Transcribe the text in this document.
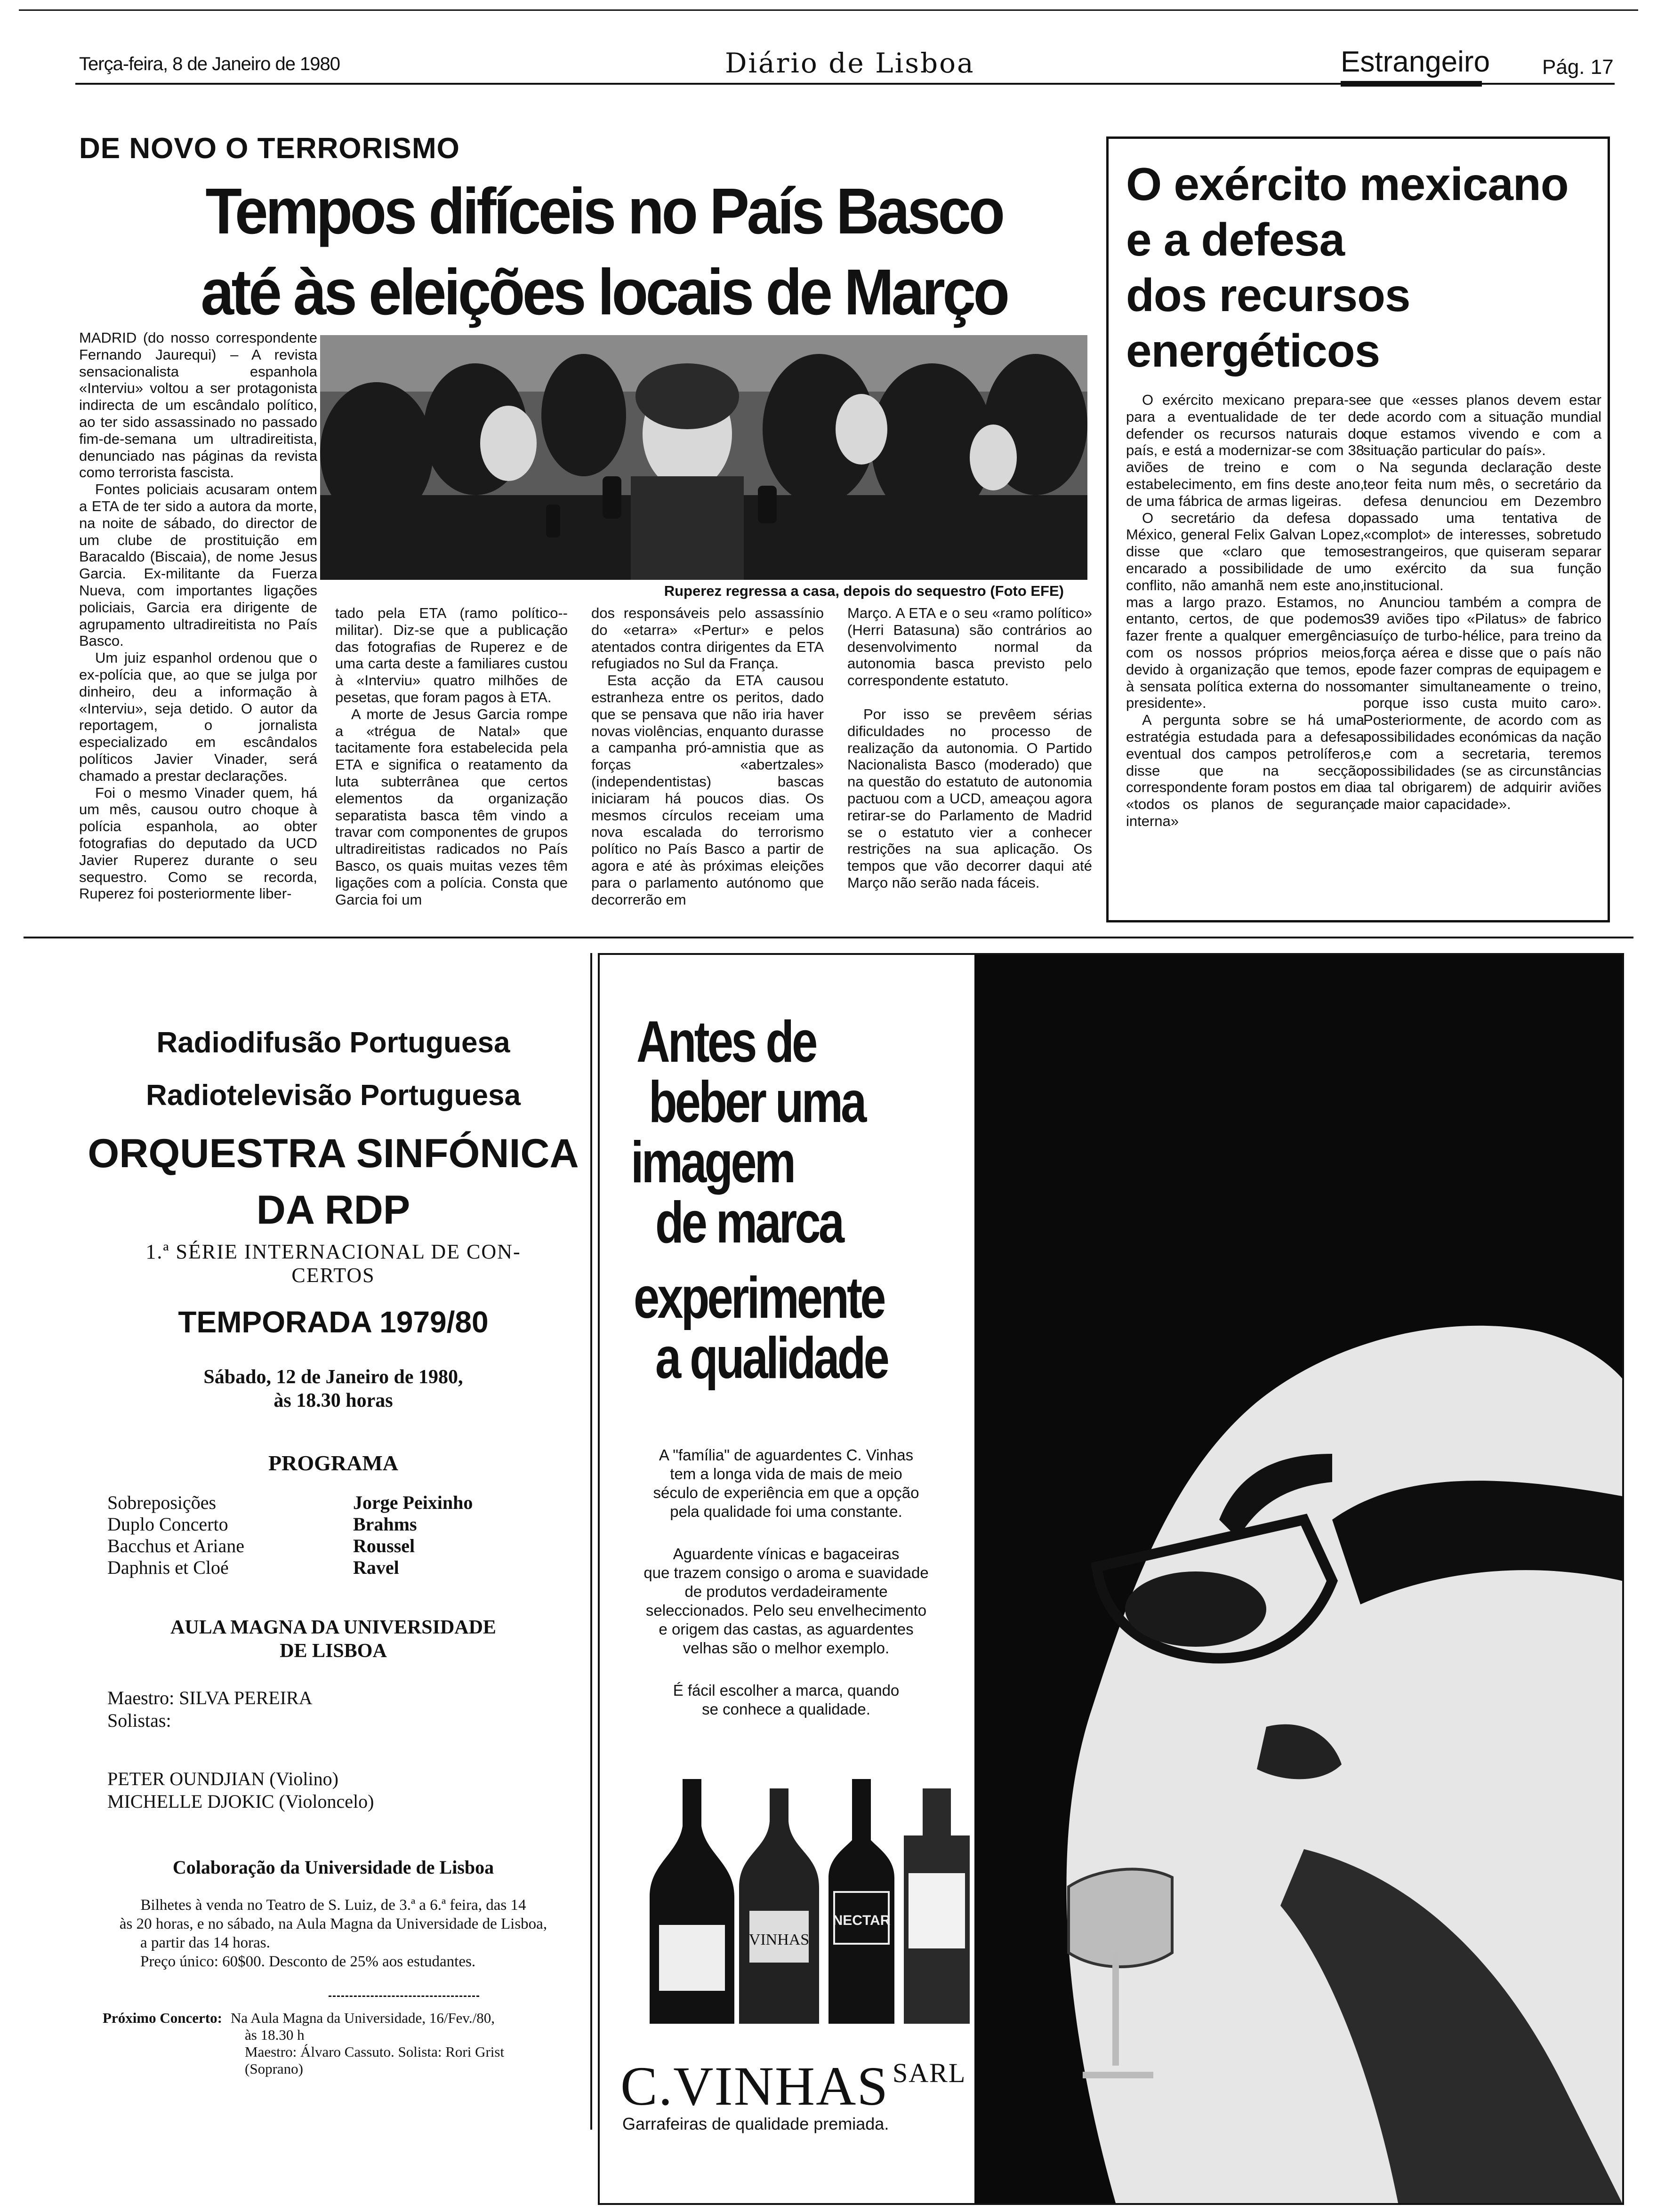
Terça-feira, 8 de Janeiro de 1980	Diário de Lisboa	Estrangeiro	Pág. 17
DE NOVO O TERRORISMO
Tempos difíceis no País Basco
até às eleições locais de Março

MADRID (do nosso correspondente Fernando Jaurequi) – A revista sensacionalista espanhola «Interviu» voltou a ser protagonista indirecta de um escândalo político, ao ter sido assassinado no passado fim-de-semana um ultradireitista, denunciado nas páginas da revista como terrorista fascista.

Fontes policiais acusaram ontem a ETA de ter sido a autora da morte, na noite de sábado, do director de um clube de prostituição em Baracaldo (Biscaia), de nome Jesus Garcia. Ex-militante da Fuerza Nueva, com importantes ligações policiais, Garcia era dirigente de agrupamento ultradireitista no País Basco.

Um juiz espanhol ordenou que o ex-polícia que, ao que se julga por dinheiro, deu a informação à «Interviu», seja detido. O autor da reportagem, o jornalista especializado em escândalos políticos Javier Vinader, será chamado a prestar declarações.

Foi o mesmo Vinader quem, há um mês, causou outro choque à polícia espanhola, ao obter fotografias do deputado da UCD Javier Ruperez durante o seu sequestro. Como se recorda, Ruperez foi posteriormente liber-

Ruperez regressa a casa, depois do sequestro (Foto EFE)

tado pela ETA (ramo político--militar). Diz-se que a publicação das fotografias de Ruperez e de uma carta deste a familiares custou à «Interviu» quatro milhões de pesetas, que foram pagos à ETA.

A morte de Jesus Garcia rompe a «trégua de Natal» que tacitamente fora estabelecida pela ETA e significa o reatamento da luta subterrânea que certos elementos da organização separatista basca têm vindo a travar com componentes de grupos ultradireitistas radicados no País Basco, os quais muitas vezes têm ligações com a polícia. Consta que Garcia foi um

dos responsáveis pelo assassínio do «etarra» «Pertur» e pelos atentados contra dirigentes da ETA refugiados no Sul da França.

Esta acção da ETA causou estranheza entre os peritos, dado que se pensava que não iria haver novas violências, enquanto durasse a campanha pró-amnistia que as forças «abertzales» (independentistas) bascas iniciaram há poucos dias. Os mesmos círculos receiam uma nova escalada do terrorismo político no País Basco a partir de agora e até às próximas eleições para o parlamento autónomo que decorrerão em

Março. A ETA e o seu «ramo político» (Herri Batasuna) são contrários ao desenvolvimento normal da autonomia basca previsto pelo correspondente estatuto.

Por isso se prevêem sérias dificuldades no processo de realização da autonomia. O Partido Nacionalista Basco (moderado) que na questão do estatuto de autonomia pactuou com a UCD, ameaçou agora retirar-se do Parlamento de Madrid se o estatuto vier a conhecer restrições na sua aplicação. Os tempos que vão decorrer daqui até Março não serão nada fáceis.

O exército mexicano
e a defesa
dos recursos
energéticos

O exército mexicano prepara-se para a eventualidade de ter de defender os recursos naturais do país, e está a modernizar-se com 38 aviões de treino e com o estabelecimento, em fins deste ano, de uma fábrica de armas ligeiras.

O secretário da defesa do México, general Felix Galvan Lopez, disse que «claro que temos encarado a possibilidade de um conflito, não amanhã nem este ano, mas a largo prazo. Estamos, no entanto, certos, de que podemos fazer frente a qualquer emergência com os nossos próprios meios, devido à organização que temos, e à sensata política externa do nosso presidente».

A pergunta sobre se há uma estratégia estudada para a defesa eventual dos campos petrolíferos, disse que na secção correspondente foram postos em dia «todos os planos de segurança interna»

e que «esses planos devem estar de acordo com a situação mundial que estamos vivendo e com a situação particular do país».

Na segunda declaração deste teor feita num mês, o secretário da defesa denunciou em Dezembro passado uma tentativa de «complot» de interesses, sobretudo estrangeiros, que quiseram separar o exército da sua função institucional.

Anunciou também a compra de 39 aviões tipo «Pilatus» de fabrico suíço de turbo-hélice, para treino da força aérea e disse que o país não pode fazer compras de equipagem e manter simultaneamente o treino, porque isso custa muito caro». Posteriormente, de acordo com as possibilidades económicas da nação e com a secretaria, teremos possibilidades (se as circunstâncias a tal obrigarem) de adquirir aviões de maior capacidade».

Radiodifusão Portuguesa
Radiotelevisão Portuguesa
ORQUESTRA SINFÓNICA
DA RDP
1.ª SÉRIE INTERNACIONAL DE CON-
CERTOS
TEMPORADA 1979/80
Sábado, 12 de Janeiro de 1980,
às 18.30 horas
PROGRAMA
Sobreposições	Jorge Peixinho
Duplo Concerto	Brahms
Bacchus et Ariane	Roussel
Daphnis et Cloé	Ravel
AULA MAGNA DA UNIVERSIDADE
DE LISBOA
Maestro: SILVA PEREIRA
Solistas:
PETER OUNDJIAN (Violino)
MICHELLE DJOKIC (Violoncelo)
Colaboração da Universidade de Lisboa
Bilhetes à venda no Teatro de S. Luiz, de 3.ª a 6.ª feira, das 14
às 20 horas, e no sábado, na Aula Magna da Universidade de Lisboa,
a partir das 14 horas.
Preço único: 60$00. Desconto de 25% aos estudantes.
Próximo Concerto: Na Aula Magna da Universidade, 16/Fev./80,
às 18.30 h
Maestro: Álvaro Cassuto. Solista: Rori Grist
(Soprano)
Antes de
beber uma
imagem
de marca
experimente
a qualidade
A "família" de aguardentes C. Vinhas
tem a longa vida de mais de meio
século de experiência em que a opção
pela qualidade foi uma constante.
Aguardente vínicas e bagaceiras
que trazem consigo o aroma e suavidade
de produtos verdadeiramente
seleccionados. Pelo seu envelhecimento
e origem das castas, as aguardentes
velhas são o melhor exemplo.
É fácil escolher a marca, quando
se conhece a qualidade.
VINHAS
NECTAR
C.VINHAS $^{SARL}$
Garrafeiras de qualidade premiada.
